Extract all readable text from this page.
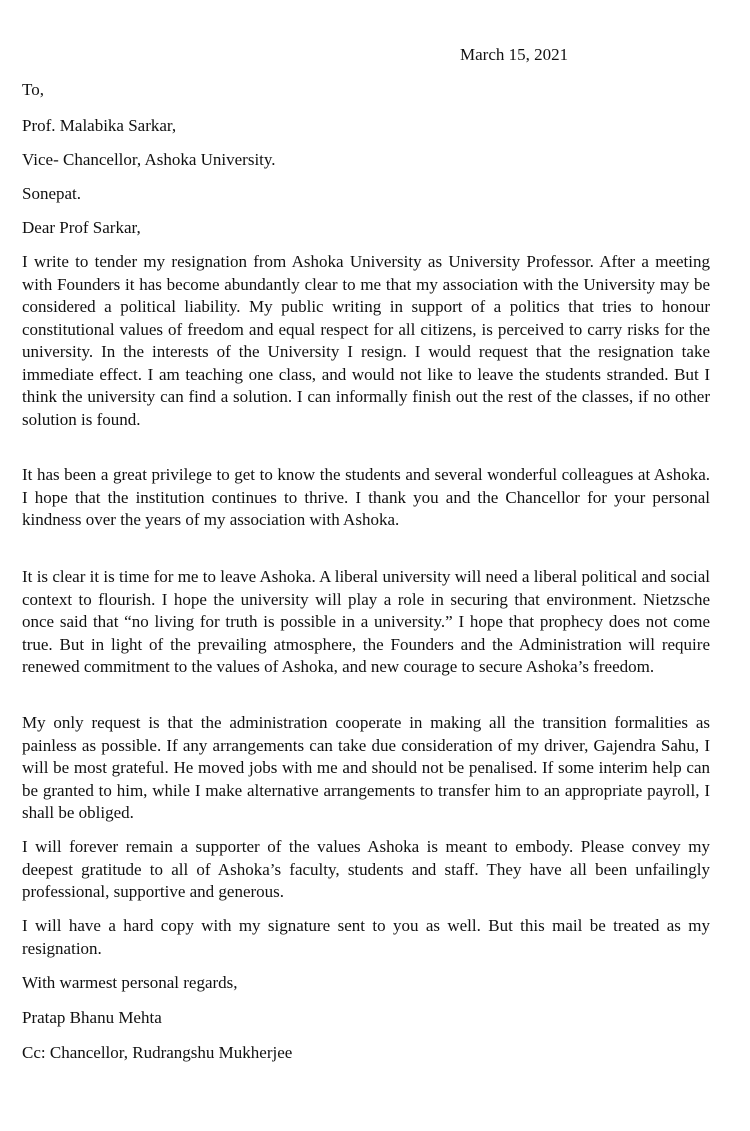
March 15, 2021
To,
Prof. Malabika Sarkar,
Vice- Chancellor, Ashoka University.
Sonepat.
Dear Prof Sarkar,

I write to tender my resignation from Ashoka University as University Professor. After a meeting with Founders it has become abundantly clear to me that my association with the University may be considered a political liability. My public writing in support of a politics that tries to honour constitutional values of freedom and equal respect for all citizens, is perceived to carry risks for the university. In the interests of the University I resign. I would request that the resignation take immediate effect. I am teaching one class, and would not like to leave the students stranded. But I think the university can find a solution. I can informally finish out the rest of the classes, if no other solution is found.

It has been a great privilege to get to know the students and several wonderful colleagues at Ashoka. I hope that the institution continues to thrive. I thank you and the Chancellor for your personal kindness over the years of my association with Ashoka.

It is clear it is time for me to leave Ashoka. A liberal university will need a liberal political and social context to flourish. I hope the university will play a role in securing that environment. Nietzsche once said that “no living for truth is possible in a university.” I hope that prophecy does not come true. But in light of the prevailing atmosphere, the Founders and the Administration will require renewed commitment to the values of Ashoka, and new courage to secure Ashoka’s freedom.

My only request is that the administration cooperate in making all the transition formalities as painless as possible. If any arrangements can take due consideration of my driver, Gajendra Sahu, I will be most grateful. He moved jobs with me and should not be penalised. If some interim help can be granted to him, while I make alternative arrangements to transfer him to an appropriate payroll, I shall be obliged.

I will forever remain a supporter of the values Ashoka is meant to embody. Please convey my deepest gratitude to all of Ashoka’s faculty, students and staff. They have all been unfailingly professional, supportive and generous.

I will have a hard copy with my signature sent to you as well. But this mail be treated as my resignation.

With warmest personal regards,
Pratap Bhanu Mehta
Cc: Chancellor, Rudrangshu Mukherjee
